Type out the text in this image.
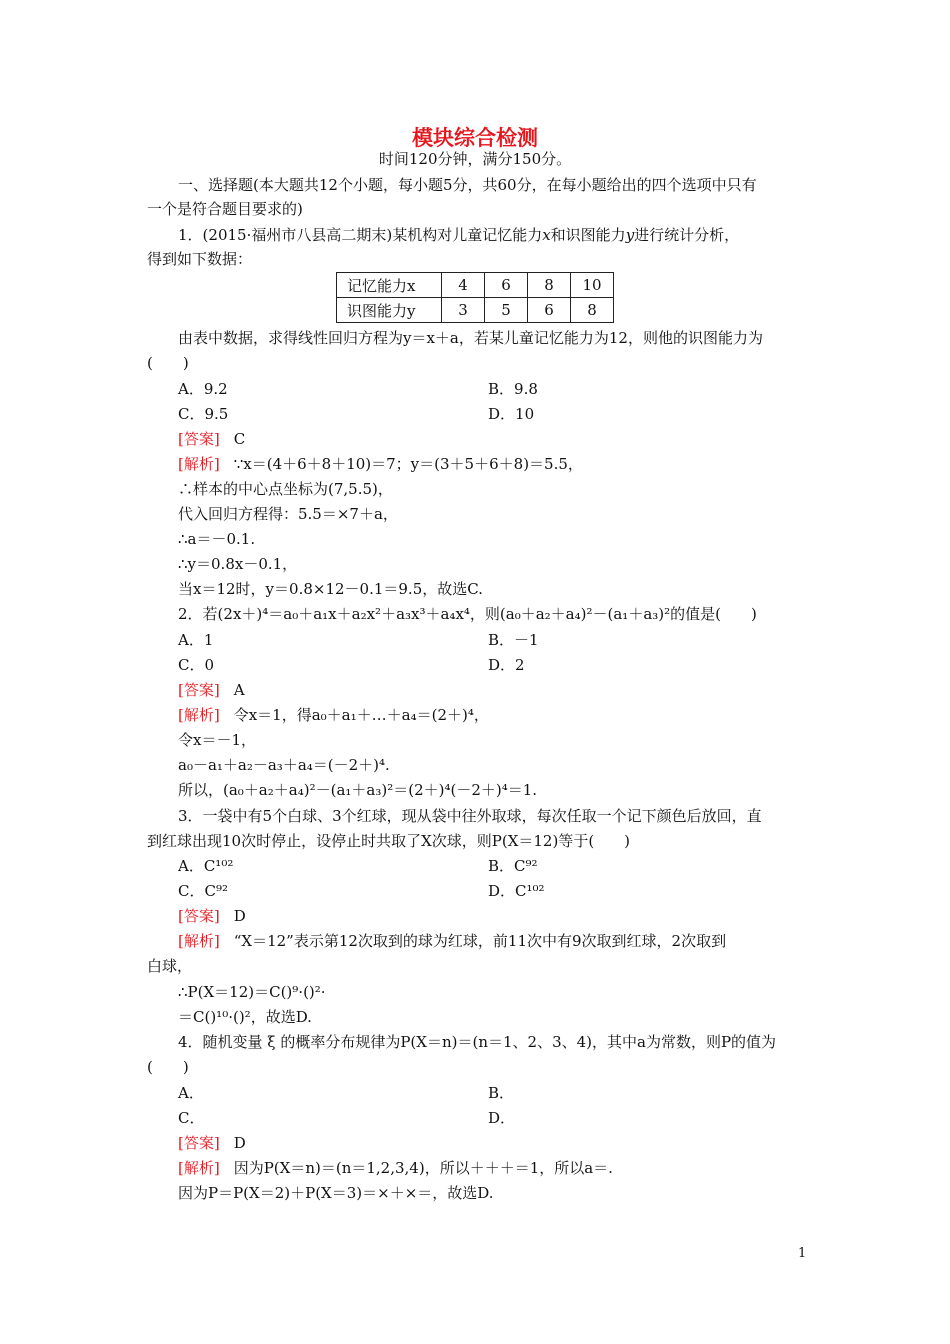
模块综合检测
时间120分钟，满分150分。
一、选择题(本大题共12个小题，每小题5分，共60分，在每小题给出的四个选项中只有
一个是符合题目要求的)
1．(2015·福州市八县高二期末)某机构对儿童记忆能力x和识图能力y进行统计分析，
得到如下数据：
记忆能力x	4	6	8	10
识图能力y	3	5	6	8
由表中数据，求得线性回归方程为y＝x＋a，若某儿童记忆能力为12，则他的识图能力为
(　　)
A．9.2	B．9.8
C．9.5	D．10
[答案] C
[解析] ∵x＝(4＋6＋8＋10)＝7；y＝(3＋5＋6＋8)＝5.5，
∴样本的中心点坐标为(7,5.5)，
代入回归方程得：5.5＝×7＋a，
∴a＝－0.1.
∴y＝0.8x－0.1，
当x＝12时，y＝0.8×12－0.1＝9.5，故选C.
2．若(2x＋)⁴＝a₀＋a₁x＋a₂x²＋a₃x³＋a₄x⁴，则(a₀＋a₂＋a₄)²－(a₁＋a₃)²的值是(　　)
A．1	B．－1
C．0	D．2
[答案] A
[解析] 令x＝1，得a₀＋a₁＋…＋a₄＝(2＋)⁴，
令x＝－1，
a₀－a₁＋a₂－a₃＋a₄＝(－2＋)⁴.
所以，(a₀＋a₂＋a₄)²－(a₁＋a₃)²＝(2＋)⁴(－2＋)⁴＝1.
3．一袋中有5个白球、3个红球，现从袋中往外取球，每次任取一个记下颜色后放回，直
到红球出现10次时停止，设停止时共取了X次球，则P(X＝12)等于(　　)
A．C¹⁰²	B．C⁹²
C．C⁹²	D．C¹⁰²
[答案] D
[解析] “X＝12”表示第12次取到的球为红球，前11次中有9次取到红球，2次取到
白球，
∴P(X＝12)＝C()⁹·()²·
＝C()¹⁰·()²，故选D.
4．随机变量 ξ 的概率分布规律为P(X＝n)＝(n＝1、2、3、4)，其中a为常数，则P的值为
(　　)
A．	B．
C．	D．
[答案] D
[解析] 因为P(X＝n)＝(n＝1,2,3,4)，所以＋＋＋＝1，所以a＝.
因为P＝P(X＝2)＋P(X＝3)＝×＋×＝，故选D.
1
